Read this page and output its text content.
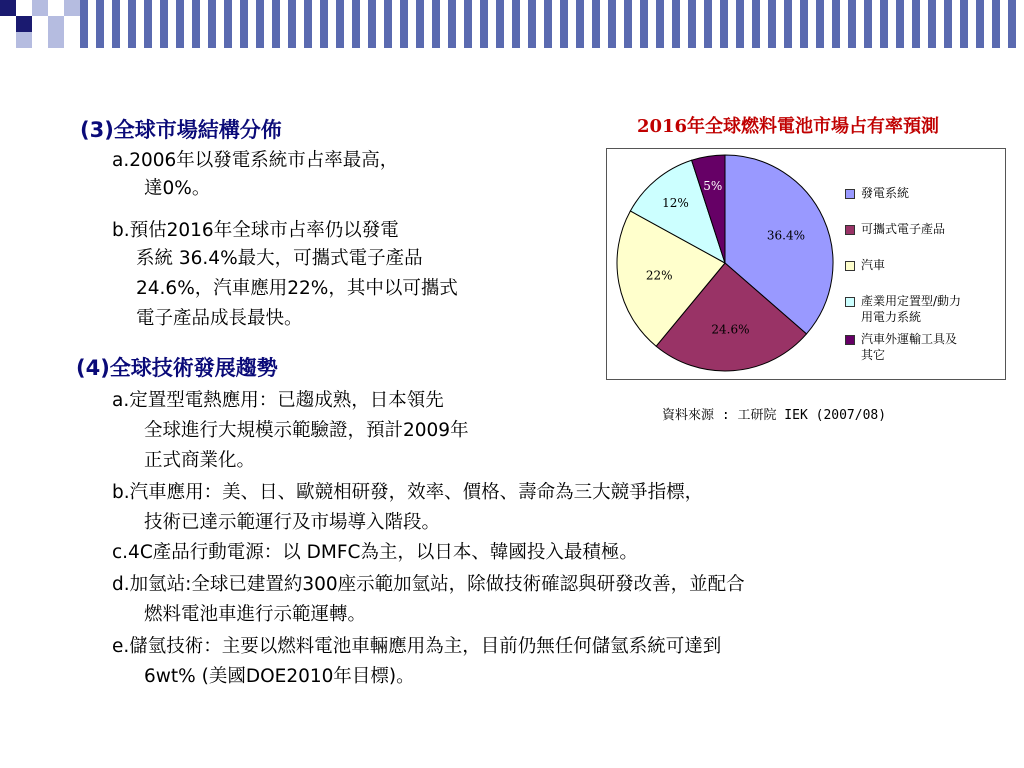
(3)全球市場結構分佈
a.2006年以發電系統市占率最高，
達0%。
b.預估2016年全球市占率仍以發電
系統 36.4%最大，可攜式電子產品
24.6%，汽車應用22%，其中以可攜式
電子產品成長最快。
(4)全球技術發展趨勢
a.定置型電熱應用：已趨成熟，日本領先
全球進行大規模示範驗證，預計2009年
正式商業化。
b.汽車應用：美、日、歐競相研發，效率、價格、壽命為三大競爭指標，
技術已達示範運行及市場導入階段。
c.4C產品行動電源：以 DMFC為主，以日本、韓國投入最積極。
d.加氫站:全球已建置約300座示範加氫站，除做技術確認與研發改善，並配合
燃料電池車進行示範運轉。
e.儲氫技術：主要以燃料電池車輛應用為主，目前仍無任何儲氫系統可達到
6wt% (美國DOE2010年目標)。
2016年全球燃料電池市場占有率預測
36.4%
24.6%
22%
12%
5%	發電系統
可攜式電子產品
汽車
產業用定置型/動力
用電力系統
汽車外運輸工具及
其它
資料來源 : 工研院 IEK (2007/08)
